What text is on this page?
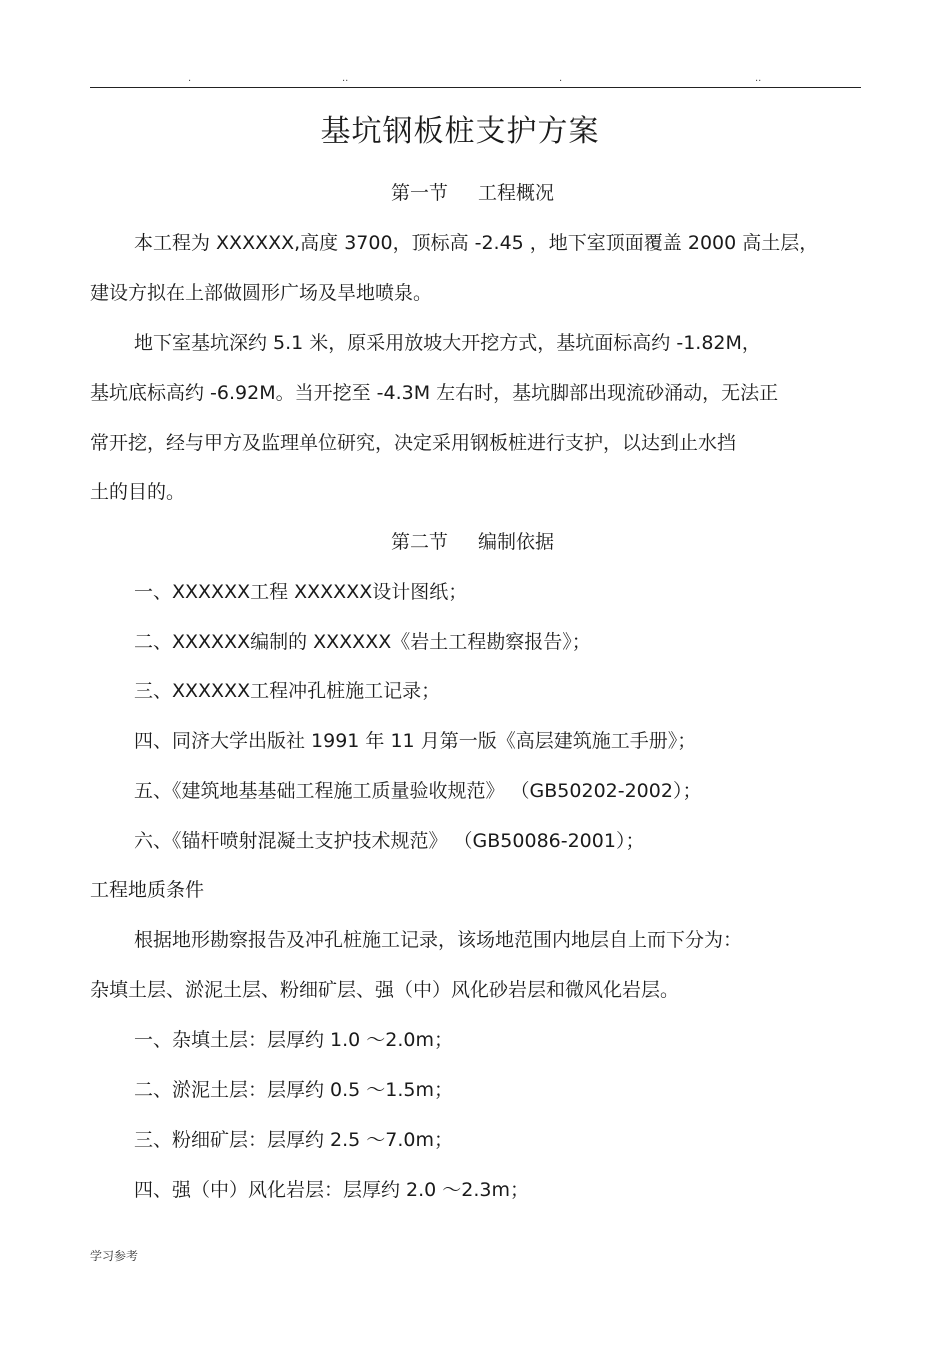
.	..	.	..
基坑钢板桩支护方案
第一节 工程概况
本工程为 XXXXXX,高度 3700，顶标高 -2.45 ，地下室顶面覆盖 2000 高土层，
建设方拟在上部做圆形广场及旱地喷泉。
地下室基坑深约 5.1 米，原采用放坡大开挖方式，基坑面标高约 -1.82M，
基坑底标高约 -6.92M。当开挖至 -4.3M 左右时，基坑脚部出现流砂涌动，无法正
常开挖，经与甲方及监理单位研究，决定采用钢板桩进行支护，以达到止水挡
土的目的。
第二节 编制依据
一、XXXXXX工程 XXXXXX设计图纸；
二、XXXXXX编制的 XXXXXX《岩土工程勘察报告》；
三、XXXXXX工程冲孔桩施工记录；
四、同济大学出版社 1991 年 11 月第一版《高层建筑施工手册》；
五、《建筑地基基础工程施工质量验收规范》 （GB50202-2002）；
六、《锚杆喷射混凝土支护技术规范》 （GB50086-2001）；
工程地质条件
根据地形勘察报告及冲孔桩施工记录，该场地范围内地层自上而下分为：
杂填土层、淤泥土层、粉细矿层、强（中）风化砂岩层和微风化岩层。
一、杂填土层：层厚约 1.0 ～2.0m；
二、淤泥土层：层厚约 0.5 ～1.5m；
三、粉细矿层：层厚约 2.5 ～7.0m；
四、强（中）风化岩层：层厚约 2.0 ～2.3m；
学习参考
